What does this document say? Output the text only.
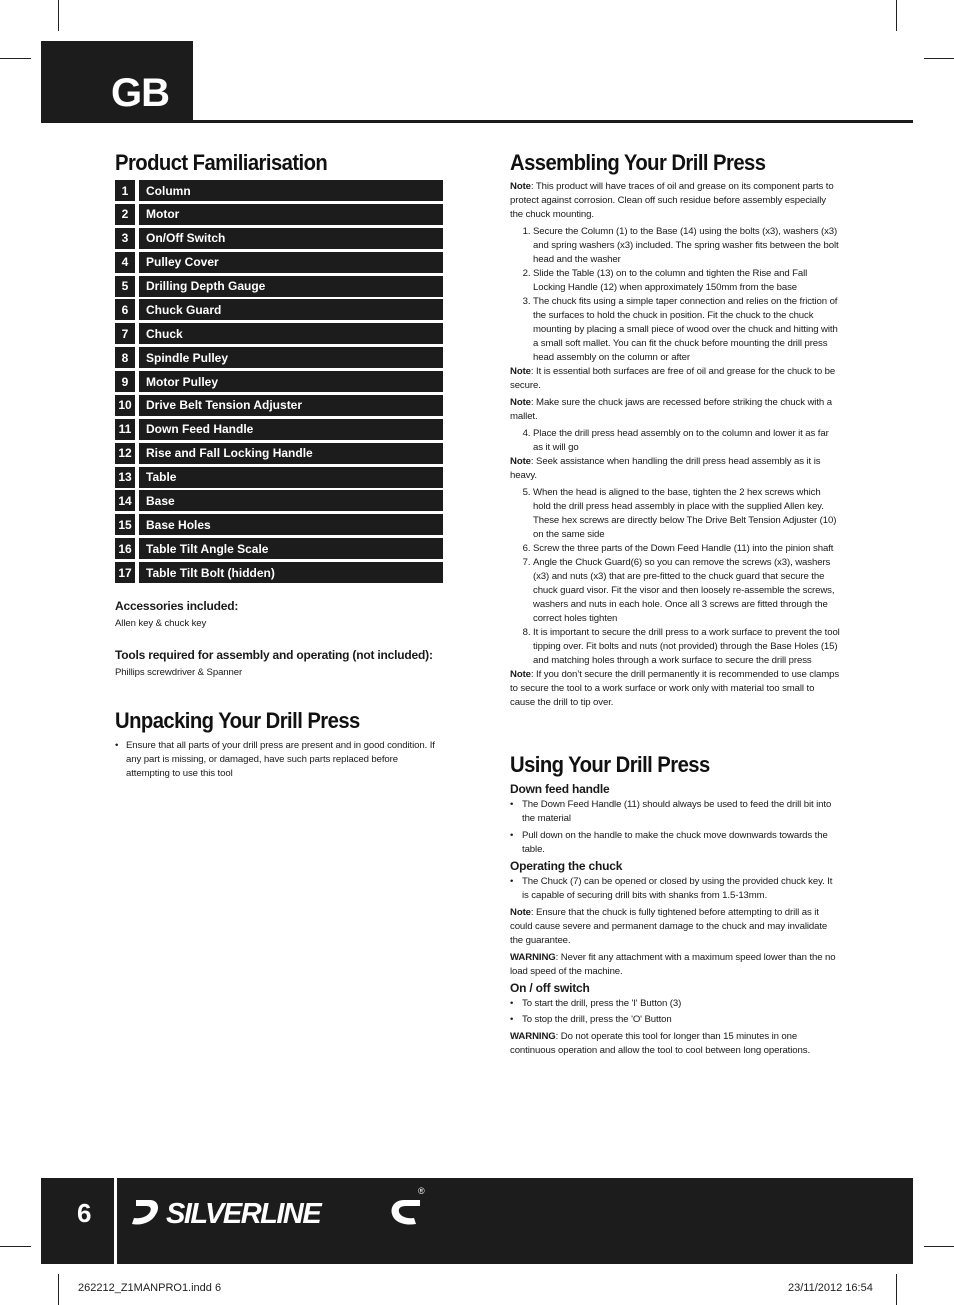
GB
Product Familiarisation
1	Column
2	Motor
3	On/Off Switch
4	Pulley Cover
5	Drilling Depth Gauge
6	Chuck Guard
7	Chuck
8	Spindle Pulley
9	Motor Pulley
10	Drive Belt Tension Adjuster
11	Down Feed Handle
12	Rise and Fall Locking Handle
13	Table
14	Base
15	Base Holes
16	Table Tilt Angle Scale
17	Table Tilt Bolt (hidden)
Accessories included:
Allen key & chuck key
Tools required for assembly and operating (not included):
Phillips screwdriver & Spanner
Unpacking Your Drill Press
• Ensure that all parts of your drill press are present and in good condition. If any part is missing, or damaged, have such parts replaced before attempting to use this tool
Assembling Your Drill Press

Note: This product will have traces of oil and grease on its component parts to protect against corrosion. Clean off such residue before assembly especially the chuck mounting.

1. Secure the Column (1) to the Base (14) using the bolts (x3), washers (x3) and spring washers (x3) included. The spring washer fits between the bolt head and the washer
2. Slide the Table (13) on to the column and tighten the Rise and Fall Locking Handle (12) when approximately 150mm from the base
3. The chuck fits using a simple taper connection and relies on the friction of the surfaces to hold the chuck in position. Fit the chuck to the chuck mounting by placing a small piece of wood over the chuck and hitting with a small soft mallet. You can fit the chuck before mounting the drill press head assembly on the column or after

Note: It is essential both surfaces are free of oil and grease for the chuck to be secure.

Note: Make sure the chuck jaws are recessed before striking the chuck with a mallet.

4. Place the drill press head assembly on to the column and lower it as far as it will go

Note: Seek assistance when handling the drill press head assembly as it is heavy.

5. When the head is aligned to the base, tighten the 2 hex screws which hold the drill press head assembly in place with the supplied Allen key. These hex screws are directly below The Drive Belt Tension Adjuster (10) on the same side
6. Screw the three parts of the Down Feed Handle (11) into the pinion shaft
7. Angle the Chuck Guard(6) so you can remove the screws (x3), washers (x3) and nuts (x3) that are pre-fitted to the chuck guard that secure the chuck guard visor. Fit the visor and then loosely re-assemble the screws, washers and nuts in each hole. Once all 3 screws are fitted through the correct holes tighten
8. It is important to secure the drill press to a work surface to prevent the tool tipping over. Fit bolts and nuts (not provided) through the Base Holes (15) and matching holes through a work surface to secure the drill press

Note: If you don’t secure the drill permanently it is recommended to use clamps to secure the tool to a work surface or work only with material too small to cause the drill to tip over.

Using Your Drill Press
Down feed handle
• The Down Feed Handle (11) should always be used to feed the drill bit into the material
• Pull down on the handle to make the chuck move downwards towards the table.
Operating the chuck
• The Chuck (7) can be opened or closed by using the provided chuck key. It is capable of securing drill bits with shanks from 1.5-13mm.

Note: Ensure that the chuck is fully tightened before attempting to drill as it could cause severe and permanent damage to the chuck and may invalidate the guarantee.

WARNING: Never fit any attachment with a maximum speed lower than the no load speed of the machine.

On / off switch
• To start the drill, press the 'I' Button (3)
• To stop the drill, press the 'O' Button

WARNING: Do not operate this tool for longer than 15 minutes in one continuous operation and allow the tool to cool between long operations.

6	SILVERLINE
®
262212_Z1MANPRO1.indd 6	23/11/2012 16:54
